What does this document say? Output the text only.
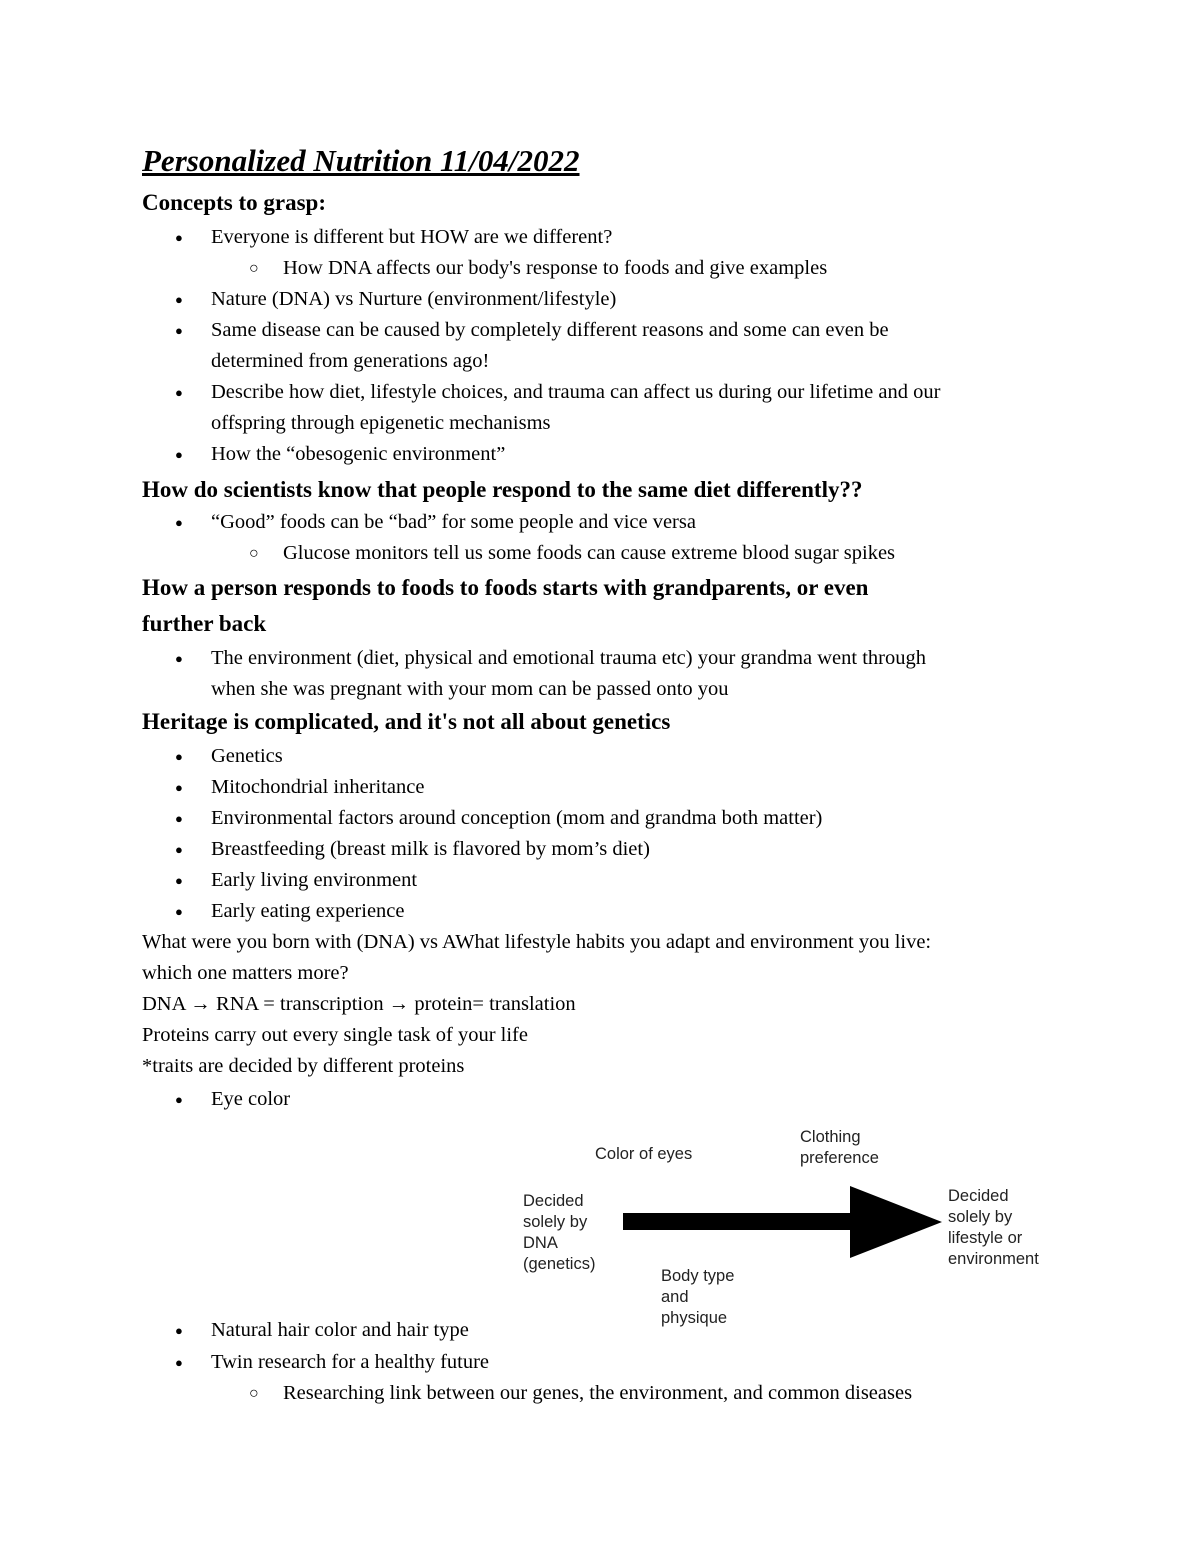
Personalized Nutrition 11/04/2022
Concepts to grasp:

● Everyone is different but HOW are we different?

○ How DNA affects our body's response to foods and give examples

● Nature (DNA) vs Nurture (environment/lifestyle)

● Same disease can be caused by completely different reasons and some can even be
determined from generations ago!

● Describe how diet, lifestyle choices, and trauma can affect us during our lifetime and our
offspring through epigenetic mechanisms

● How the “obesogenic environment”

How do scientists know that people respond to the same diet differently??

● “Good” foods can be “bad” for some people and vice versa

○ Glucose monitors tell us some foods can cause extreme blood sugar spikes

How a person responds to foods to foods starts with grandparents, or even
further back

● The environment (diet, physical and emotional trauma etc) your grandma went through
when she was pregnant with your mom can be passed onto you

Heritage is complicated, and it's not all about genetics

● Genetics

● Mitochondrial inheritance

● Environmental factors around conception (mom and grandma both matter)

● Breastfeeding (breast milk is flavored by mom’s diet)

● Early living environment

● Early eating experience

What were you born with (DNA) vs AWhat lifestyle habits you adapt and environment you live:
which one matters more?

DNA → RNA = transcription → protein= translation

Proteins carry out every single task of your life

*traits are decided by different proteins

● Eye color

Decided
solely by
DNA
(genetics)

Color of eyes

Clothing
preference

Decided
solely by
lifestyle or
environment

Body type
and
physique

● Natural hair color and hair type

● Twin research for a healthy future

○ Researching link between our genes, the environment, and common diseases
